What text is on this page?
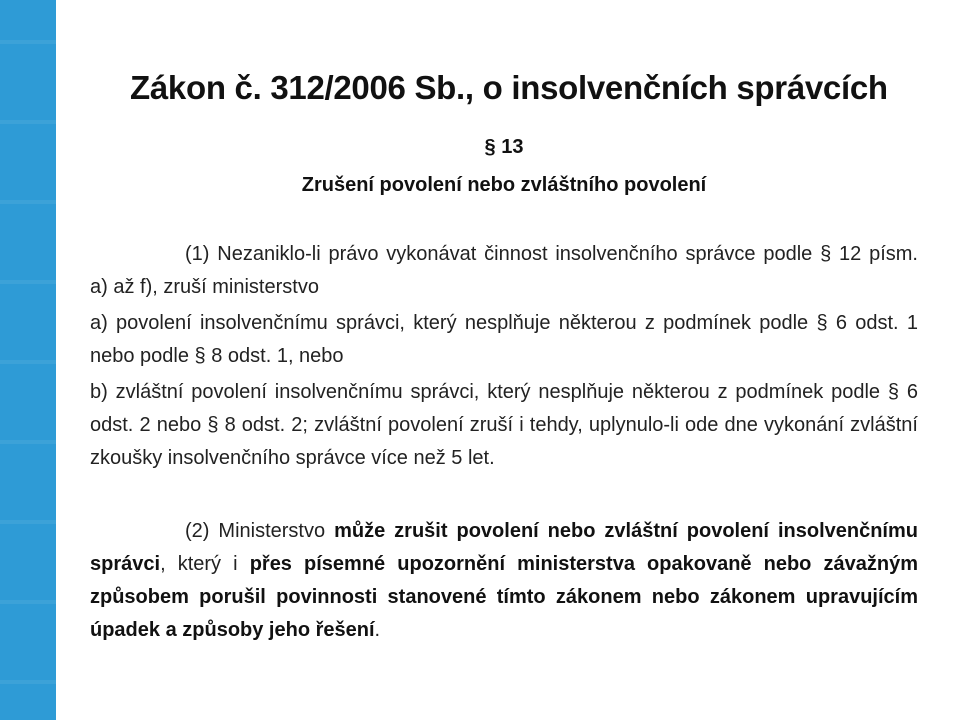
Zákon č. 312/2006 Sb., o insolvenčních správcích
§ 13
Zrušení povolení nebo zvláštního povolení

(1) Nezaniklo-li právo vykonávat činnost insolvenčního správce podle § 12 písm. a) až f), zruší ministerstvo

a) povolení insolvenčnímu správci, který nesplňuje některou z podmínek podle § 6 odst. 1 nebo podle § 8 odst. 1, nebo

b) zvláštní povolení insolvenčnímu správci, který nesplňuje některou z podmínek podle § 6 odst. 2 nebo § 8 odst. 2; zvláštní povolení zruší i tehdy, uplynulo-li ode dne vykonání zvláštní zkoušky insolvenčního správce více než 5 let.

(2) Ministerstvo může zrušit povolení nebo zvláštní povolení insolvenčnímu správci, který i přes písemné upozornění ministerstva opakovaně nebo závažným způsobem porušil povinnosti stanovené tímto zákonem nebo zákonem upravujícím úpadek a způsoby jeho řešení.
